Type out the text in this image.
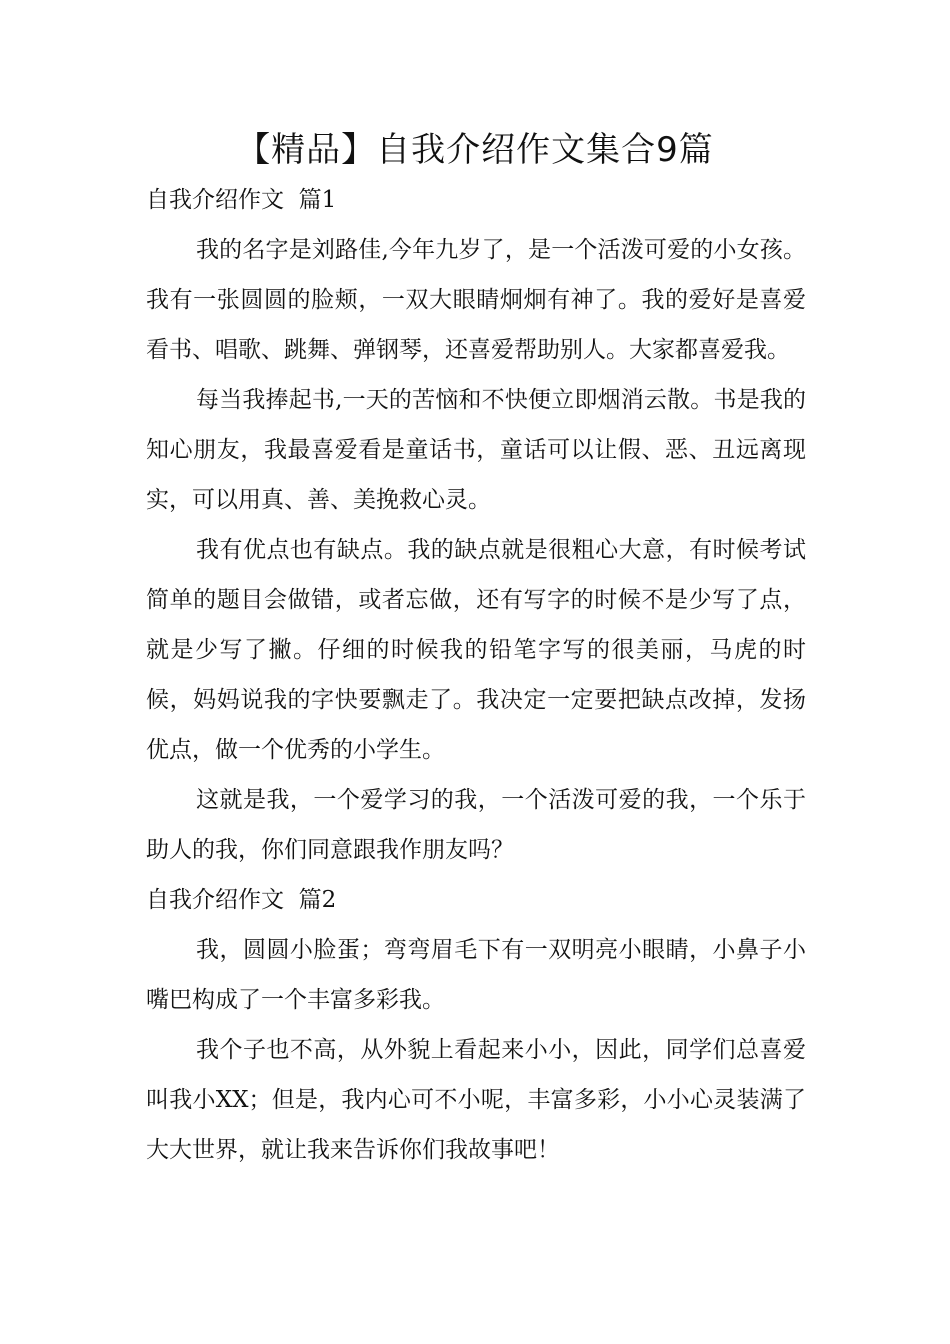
【精品】自我介绍作文集合9篇

自我介绍作文  篇1

我的名字是刘路佳,今年九岁了，是一个活泼可爱的小女孩。我有一张圆圆的脸颊，一双大眼睛炯炯有神了。我的爱好是喜爱看书、唱歌、跳舞、弹钢琴，还喜爱帮助别人。大家都喜爱我。

每当我捧起书,一天的苦恼和不快便立即烟消云散。书是我的知心朋友，我最喜爱看是童话书，童话可以让假、恶、丑远离现实，可以用真、善、美挽救心灵。

我有优点也有缺点。我的缺点就是很粗心大意，有时候考试简单的题目会做错，或者忘做，还有写字的时候不是少写了点，就是少写了撇。仔细的时候我的铅笔字写的很美丽，马虎的时候，妈妈说我的字快要飘走了。我决定一定要把缺点改掉，发扬优点，做一个优秀的小学生。

这就是我，一个爱学习的我，一个活泼可爱的我，一个乐于助人的我，你们同意跟我作朋友吗？

自我介绍作文  篇2

我，圆圆小脸蛋；弯弯眉毛下有一双明亮小眼睛，小鼻子小嘴巴构成了一个丰富多彩我。

我个子也不高，从外貌上看起来小小，因此，同学们总喜爱叫我小XX；但是，我内心可不小呢，丰富多彩，小小心灵装满了大大世界，就让我来告诉你们我故事吧！
